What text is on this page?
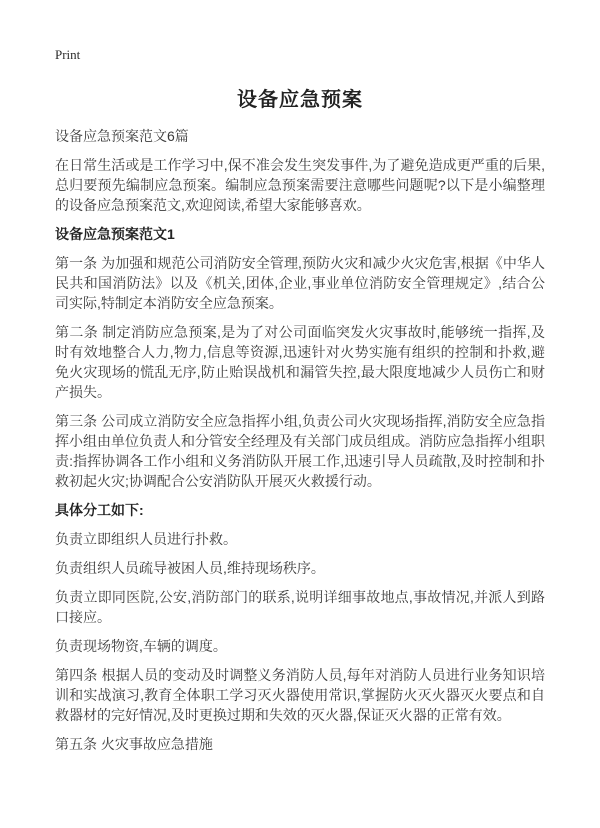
Print
设备应急预案
设备应急预案范文6篇
在日常生活或是工作学习中,保不准会发生突发事件,为了避免造成更严重的后果,总归要预先编制应急预案。编制应急预案需要注意哪些问题呢?以下是小编整理的设备应急预案范文,欢迎阅读,希望大家能够喜欢。
设备应急预案范文1
第一条 为加强和规范公司消防安全管理,预防火灾和减少火灾危害,根据《中华人民共和国消防法》以及《机关,团体,企业,事业单位消防安全管理规定》,结合公司实际,特制定本消防安全应急预案。
第二条 制定消防应急预案,是为了对公司面临突发火灾事故时,能够统一指挥,及时有效地整合人力,物力,信息等资源,迅速针对火势实施有组织的控制和扑救,避免火灾现场的慌乱无序,防止贻误战机和漏管失控,最大限度地减少人员伤亡和财产损失。
第三条 公司成立消防安全应急指挥小组,负责公司火灾现场指挥,消防安全应急指挥小组由单位负责人和分管安全经理及有关部门成员组成。消防应急指挥小组职责:指挥协调各工作小组和义务消防队开展工作,迅速引导人员疏散,及时控制和扑救初起火灾;协调配合公安消防队开展灭火救援行动。
具体分工如下:
负责立即组织人员进行扑救。
负责组织人员疏导被困人员,维持现场秩序。
负责立即同医院,公安,消防部门的联系,说明详细事故地点,事故情况,并派人到路口接应。
负责现场物资,车辆的调度。
第四条 根据人员的变动及时调整义务消防人员,每年对消防人员进行业务知识培训和实战演习,教育全体职工学习灭火器使用常识,掌握防火灭火器灭火要点和自救器材的完好情况,及时更换过期和失效的灭火器,保证灭火器的正常有效。
第五条 火灾事故应急措施
